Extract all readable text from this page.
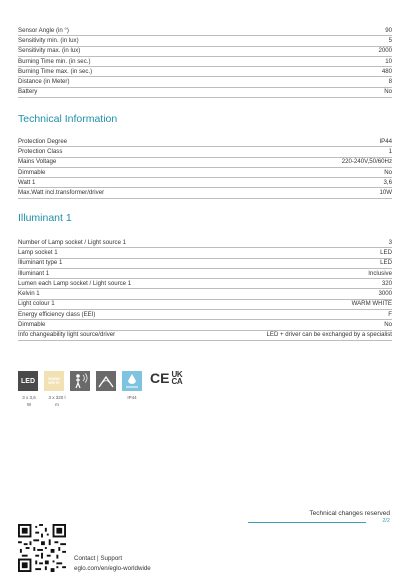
Sensor Angle (in °)	90
Sensitivity min. (in lux)	5
Sensitivity max. (in lux)	2000
Burning Time min. (in sec.)	10
Burning Time max. (in sec.)	480
Distance (in Meter)	8
Battery	No
Technical Information
Protection Degree	IP44
Protection Class	1
Mains Voltage	220-240V,50/60Hz
Dimmable	No
Watt 1	3,6
Max.Watt incl.transformer/driver	10W
Illuminant 1
Number of Lamp socket / Light source 1	3
Lamp socket 1	LED
Illuminant type 1	LED
Illuminant 1	Inclusive
Lumen each Lamp socket / Light source 1	320
Kelvin 1	3000
Light colour 1	WARM WHITE
Energy efficiency class (EEI)	F
Dimmable	No
Info changeability light source/driver	LED + driver can be exchanged by a specialist
LED	WARM
WHITE	CE UK
CA
3 x 3,6
W
3 x 320 l
m
IP44
Technical changes reserved
2/2
Contact | Support
eglo.com/en/eglo-worldwide
